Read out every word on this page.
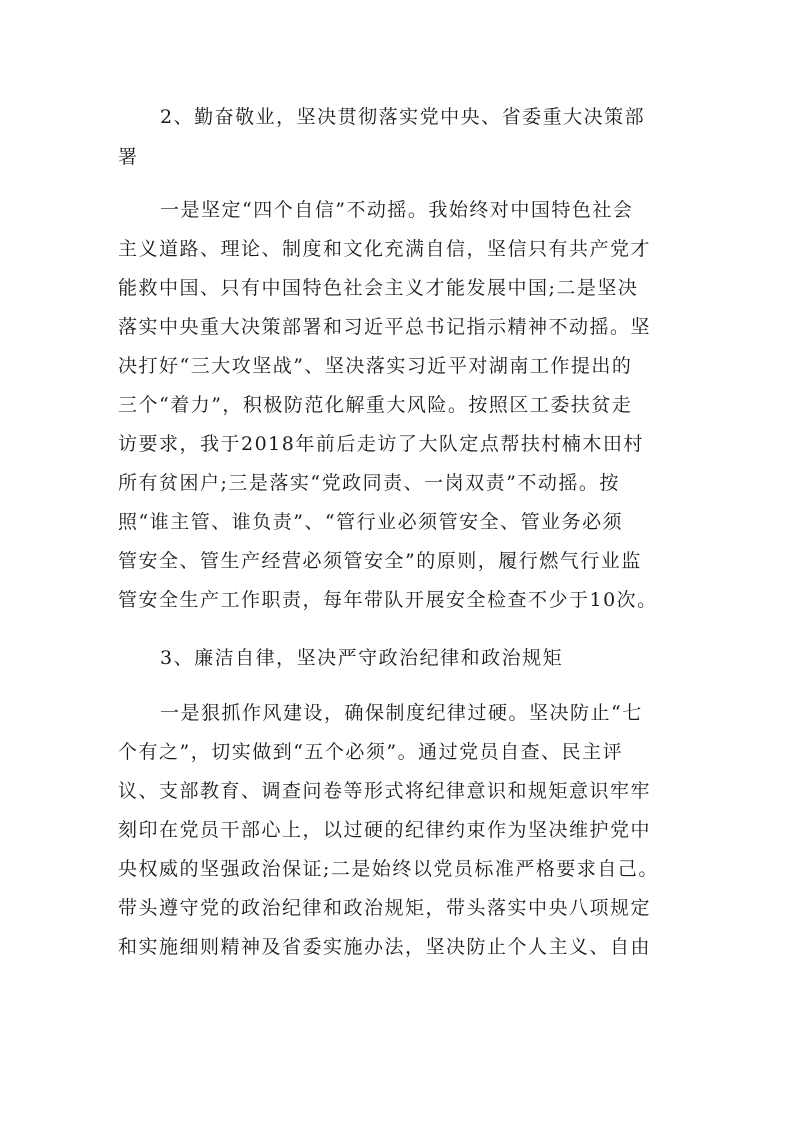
2、勤奋敬业，坚决贯彻落实党中央、省委重大决策部
署

一是坚定“四个自信”不动摇。我始终对中国特色社会
主义道路、理论、制度和文化充满自信，坚信只有共产党才
能救中国、只有中国特色社会主义才能发展中国;二是坚决
落实中央重大决策部署和习近平总书记指示精神不动摇。坚
决打好“三大攻坚战”、坚决落实习近平对湖南工作提出的
三个“着力”，积极防范化解重大风险。按照区工委扶贫走
访要求，我于2018年前后走访了大队定点帮扶村楠木田村
所有贫困户;三是落实“党政同责、一岗双责”不动摇。按
照“谁主管、谁负责”、“管行业必须管安全、管业务必须
管安全、管生产经营必须管安全”的原则，履行燃气行业监
管安全生产工作职责，每年带队开展安全检查不少于10次。

3、廉洁自律，坚决严守政治纪律和政治规矩

一是狠抓作风建设，确保制度纪律过硬。坚决防止“七
个有之”，切实做到“五个必须”。通过党员自查、民主评
议、支部教育、调查问卷等形式将纪律意识和规矩意识牢牢
刻印在党员干部心上，以过硬的纪律约束作为坚决维护党中
央权威的坚强政治保证;二是始终以党员标准严格要求自己。
带头遵守党的政治纪律和政治规矩，带头落实中央八项规定
和实施细则精神及省委实施办法，坚决防止个人主义、自由
